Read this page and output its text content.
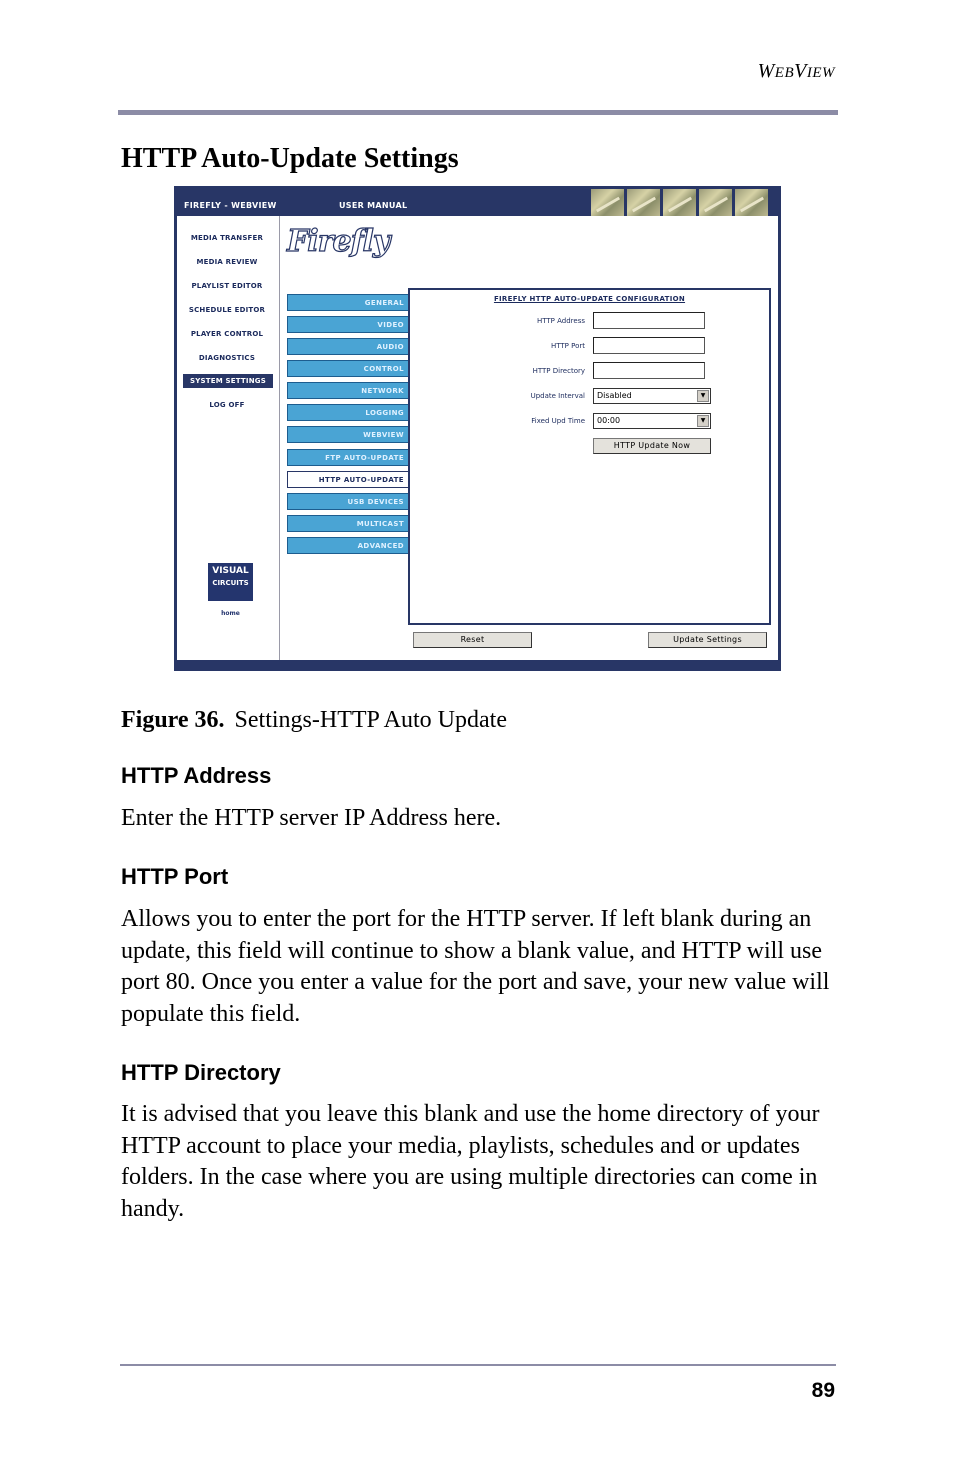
WEBVIEW
HTTP Auto-Update Settings
FIREFLY - WEBVIEW	USER MANUAL
MEDIA TRANSFER
MEDIA REVIEW
PLAYLIST EDITOR
SCHEDULE EDITOR
PLAYER CONTROL
DIAGNOSTICS
SYSTEM SETTINGS
LOG OFF
VISUAL
CIRCUITS
home
Firefly
GENERAL
VIDEO
AUDIO
CONTROL
NETWORK
LOGGING
WEBVIEW
FTP AUTO-UPDATE
HTTP AUTO-UPDATE
USB DEVICES
MULTICAST
ADVANCED
FIREFLY HTTP AUTO-UPDATE CONFIGURATION
HTTP Address
HTTP Port
HTTP Directory
Update Interval	Disabled	▼
Fixed Upd Time	00:00	▼
HTTP Update Now
Reset	Update Settings
Figure 36. Settings-HTTP Auto Update
HTTP Address

Enter the HTTP server IP Address here.

HTTP Port

Allows you to enter the port for the HTTP server. If left blank during an update, this field will continue to show a blank value, and HTTP will use port 80. Once you enter a value for the port and save, your new value will populate this field.

HTTP Directory

It is advised that you leave this blank and use the home directory of your HTTP account to place your media, playlists, schedules and or updates folders. In the case where you are using multiple directories can come in handy.

89
